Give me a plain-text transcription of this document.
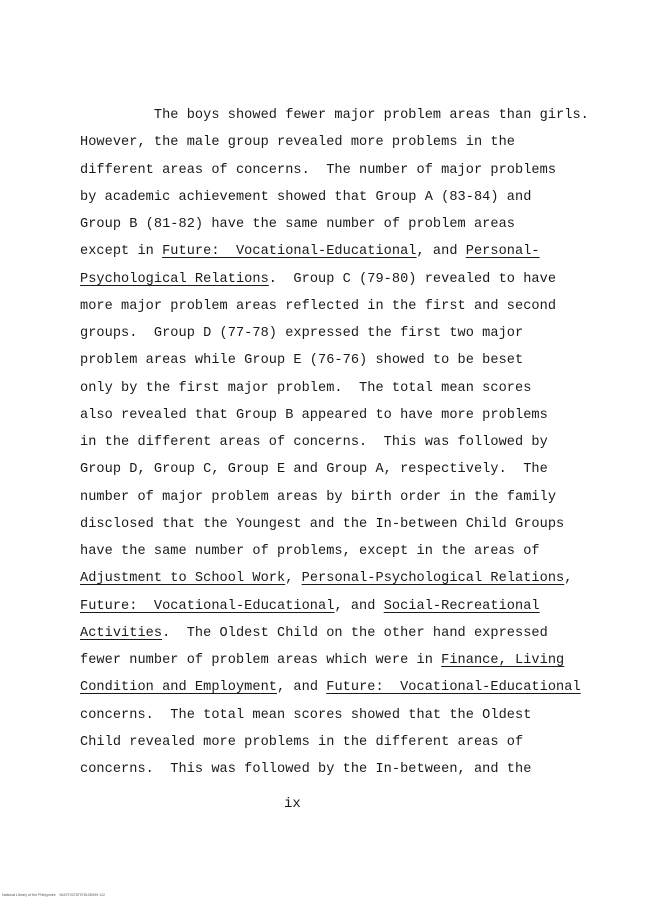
The boys showed fewer major problem areas than girls.
However, the male group revealed more problems in the
different areas of concerns.  The number of major problems
by academic achievement showed that Group A (83-84) and
Group B (81-82) have the same number of problem areas
except in Future:  Vocational-Educational, and Personal-
Psychological Relations.  Group C (79-80) revealed to have
more major problem areas reflected in the first and second
groups.  Group D (77-78) expressed the first two major
problem areas while Group E (76-76) showed to be beset
only by the first major problem.  The total mean scores
also revealed that Group B appeared to have more problems
in the different areas of concerns.  This was followed by
Group D, Group C, Group E and Group A, respectively.  The
number of major problem areas by birth order in the family
disclosed that the Youngest and the In-between Child Groups
have the same number of problems, except in the areas of
Adjustment to School Work, Personal-Psychological Relations,
Future:  Vocational-Educational, and Social-Recreational
Activities.  The Oldest Child on the other hand expressed
fewer number of problem areas which were in Finance, Living
Condition and Employment, and Future:  Vocational-Educational
concerns.  The total mean scores showed that the Oldest
Child revealed more problems in the different areas of
concerns.  This was followed by the In-between, and the
ix
National Library of the Philippines    MUST0378797810D099 112
